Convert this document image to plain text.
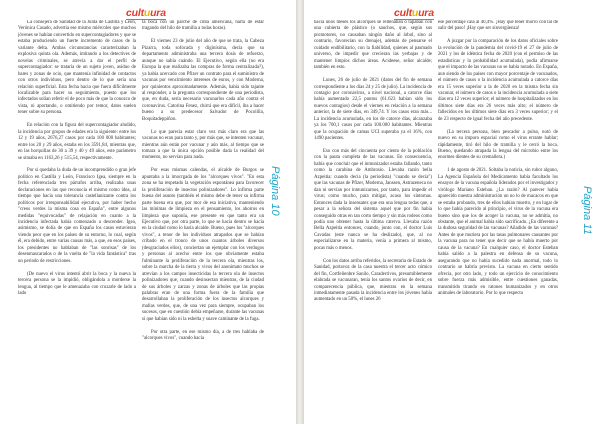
cultuura

La consejera de Sanidad de la Junta de Castilla y León, Verónica Casado, advertía ese mismo miércoles que muchos jóvenes se habían convertido en supercontagiadores y que se estaba produciendo un fuerte incremento de casos de la variante delta. Ambas circunstancias caracterizaban la explosiva quinta ola. Además, imitando a los detectives de novelas criminales, se atrevía a dar el perfil de supercontagiador: se trataría de un sujeto joven, asiduo de bares y zonas de ocio, que mantenía infinidad de contactos con otros individuos, pero dentro de lo que sería una relación superficial. Esta fecha hacia que fuera difícilmente localizable para hacer su seguimiento, puesto que los infectados solían referir el de poco más de que la conozco de vista, ni aportando, o omitiendo por temor, datos suelen tener sobre su persona.

En relación con la figura del supercontagiador aludido, la incidencia por grupos de edades era la siguiente: entre los 12 y 19 años, 2676,27 casos por cada 100 000 habitantes; entre los 20 y 29 años, estaba en los 3591,84, mientras que, en las horquillas de 30 a 39 y 40 y 49 años, este parámetro se situaba en 1163,26 y 515,54, respectivamente.

Por si quedaba la duda de un incomprendido o gran jefe político en Castilla y León, Francisco Igea, siempre en la fecha referenciada tres párrafos arriba, realizaba unas declaraciones en las que reconocía el mismo como idea, al tiempo que hacía una tolerancia castellanizante contra los políticos por irresponsabilidad ejecutiva, por haber hecho "creos verdes la misma cosa en España", entre algunos medidas "equivocadas" de relajación en cuanto a la incidencia infectada había comenzado a descender. Igea, asimismo, se dolía de que en España los casos estuvieran viendo peor que en los países de su entorno, lo cual, según él, era debido, entre varias causas más, a que, en esos países, los presidentes no hablaban de "las sonrisas" de los desenmascarados o de la vuelta de "la vida fantástica" tras un periodo de restricciones.

(De nuevo el virus intentó abrir la boca y la nueva la tercera persona se la impidió, obligándola a morderse la lengua, al tiempo que le amenazaba con cruzarle de lado a lado

la boca con un parche de cinta americana, harta de estar tragando del hilo de tramilla a todas horas).

El viernes 23 de julio del año de que se trata, la Cabeza Pizarra, toda sofocada y diginísima, decía que su departamento administraba una tercera dosis de refuerzo, aunque no sabía cuándo. El Ejecutivo, según ella (no era Europa la que realizaba las compras de forma centralizada?), ya había acercado con Pfizer un contrato para el suministro de vacunas por vencimiento intereses de euros, y con Moderna, por quinientos aproximadamente. Además, había sido tajante al responder, a la pregunta correspondiente de una periodista, que, en duda, sería necesario vacunarlos cada año contra el coronavirus. Catorina Fenez, chirrá que era difícil, iba a hacer bueno a su predecesor Salvador de Pocolilla, Boquitadeppiñon.

Lo que parecía estar claro vez más claro era que las vacunas no eran para tanto y, por más que, se intenten vacunar, mientras aún están por vacunar y aún más, al tiempo que se tomara a que la única opción posible dada la realidad del momento, no servían para nada.

Por esas mismas calendas, el alcalde de Burgos se apuntaba a la imocrgada de los "alcorques vivos". "En esta zona se ha respetado la vegetación espontánea para favorecer la proliferación de insectos polinizadores". Lo infirma parte buena del asunto (también el mismo debe de tener su infirma parte buena era que, por mor de esa iniciativa, manteniendo las mínimas de limpieza en el pensamiento, los ahorros en limpieza que suponía, ese presente en que tanto era un Ejecutivo que, por otra parte, lo que se hacía dentro se hacía en la ciudad como lo haría alcalde. Bueno, pues los "alcorques vivos", a tenor de los individuos atrapados que se habían cribado en el tronco de unos cuantos árboles diversos (desgraciados ellos), conciertan un ejemplar con los verdugos y personas al acecho entre los que obviamente estaba fulminante la proliferación de la tercera ola, mientras los, sobre la marcha de la tierra y vivos del anonimato muchos se atrevían a los campos insecticidas la tercera ola de insectos polinizadores que, cuando desinsectan mientras, de la ciudad de sus árboles y zarzas y zonas de árboles que las propias palabras eran de una forma fuera de la familia que desarrollaban la proliferación de los insectos alcorques y mallas verdes, que, de una vez para siempre, ocupaban los sucesos, que en cuestión debía empeñarse, durante las vacunas si que habían sido ni la esbelta y suave caminante de la fuga.

Por otra parte, en ese mismo día, a de tres hablaba de "alcorques vivos", cuando hacia

Página 10
cultuura

hacía unos meses los alcorques se rellenaban o tapaban con una cubierta de plástico (o sauchos, que, según sus promotores, no causaban ningún daño al árbol, sino al contrario, favorecían su drenaje), además de pensarse el cuidado endibilitario, con la fiabilidad, quienes al pasmado universo, de impedir que crecieran las yerbajas y de mantener limpios dichos áreas. Acideese, señor alcalde; también en esto.

Lunes, 26 de julio de 2021 (datos del fin de semana correspondiente a los días 24 y 25 de julio). La incidencia de contagio por coronavirus, a nivel nacional, a catorce días había aumentado 22,5 puntos (61.623 habían sido los nuevos contagios) desde el viernes en relación a la semana anterior, la de siete días, en 349,74. Y los casos eran más... La incidencia acumulada, en los de catorce días, alcanzaba ya los 700,1 casos por cada 100.000 habitantes. Mientras que la ocupación de camas UCI superaba ya el 16%, con 1490 pacientes.

Eso con más del cincuenta por ciento de la población con la pauta completa de las vacunas. En consecuencia, había que concluir que el inmunizador estaba fallando, tanto como la carabina de Ambrosio. Llevaba razón bella Azpeitia: cuando decía (la periodista) "cuando se decía") que las vacunas de Pfizer, Moderna, Janssen, Astrazeneca no dan ni servían por inmunizarnos, por tanto, para impedir el virus; como mucho, para mitigar, acaso los síntomas. Entonces dada la insensatez que era una lengua todas que, a pesar a la señora del sistema aquel que por fin había conseguido otras en tan corto tiempo y sin más rodeos como podía uno obtener hasta la última caterva. Llevaba razón Bella Azpeitia entonces, cuando, junto con, el doctor Luis Cavadas (este nunca se ha deslizado), que, al no especializarse en la materia, venía a primera al mismo, pocas más o menos.

Con los datos arriba referidos, la secretaria de Estado de Sanidad, portavoz de la casa nuestra el tercer acto cómico del fin, Cortfelienbre Sanilo, Caraderrivos, presumiblemente elabrada se vacunaran, tenía los santos ovarios de decir, en comparecencia pública, que, mientras en la semana inmediatamente pasada la incidencia entre los jóvenes había aumentado en un 50%, el lunes 26

ese porcentaje cala al 40,4%. ¡Hay que tener morro con tal de salir del paso! ¡Hay que ser sinvergüenza!

A juzgar por la comparación de los datos oficiales sobre la evolución de la pandemia del covid-19 el 27 de julio de 2021 y los de idéntica fecha de 2020 (con el permiso de las estadísticas y la probabilidad acumulada), podía afirmarse que el impacto de las vacunas no se había notado. En España, aun siendo de los países con mayor porcentaje de vacunados, el número de casos o la incidencia acumulada a catorce días era 15 veces superior a la de 2020 en la misma fecha sin vacunar, el número de casos o la incidencia acumulada a siete días era 12 veces superior; el número de hospitalizados en los últimos siete días era 26 veces más alto; el número de fallecidos en los últimos siete días era 3 veces superior; y el de 23 respecto de igual fecha del año precedente.

(La tercera persona, bien pescador a pulso, notó de nuevo en su impuro espacial como el virus errante hablar; rápidamente, tiró del hilo de tramilla y le cerró la boca. Bueno, quedando atrapada la lengua del microbio entre los enormes dientes de su cremallera.)

1 de agosto de 2021. Soltaba la noticia, sin rubor alguno, La Agencia Española del Medicamento había facultado los ensayos de la vacuna española liderados por el investigador y virólogo Mariano Esteban. ¿La razón? Al parecer había aparecido nuestra administración un no lo de macacos en que se estaba probando, tres de ellos habían muerto, y en lugar de lo que había parecido al principio, el virus de la vacuna era bueno sino que los de acoger la vacuna, no se admitía, no obstante, que el animal había sido sacrificado. ¿En diferente a la dudosa seguridad de las vacunas? Añadido de las vacunas? Antes de que muriera por las tasas pulmonares causantes por la vacuna para no tener que decir que se había muerto por causa de la vacuna? En cualquier caso, el doctor Esteban había salido a la palestra en defensa de su vacuna, asegurando que no había sucedido nada anormal, todo lo contrario se habría previsto. La vacuna en cierto sentido ofrecía, por otro lado, y todo un ejercicio de conocimiento sobre fuerza más admisible, entre cuestiones ganadas, transmitido tirando en ratones humanizados y en otros animales de laboratorio. Por lo que respecta

Página 11
